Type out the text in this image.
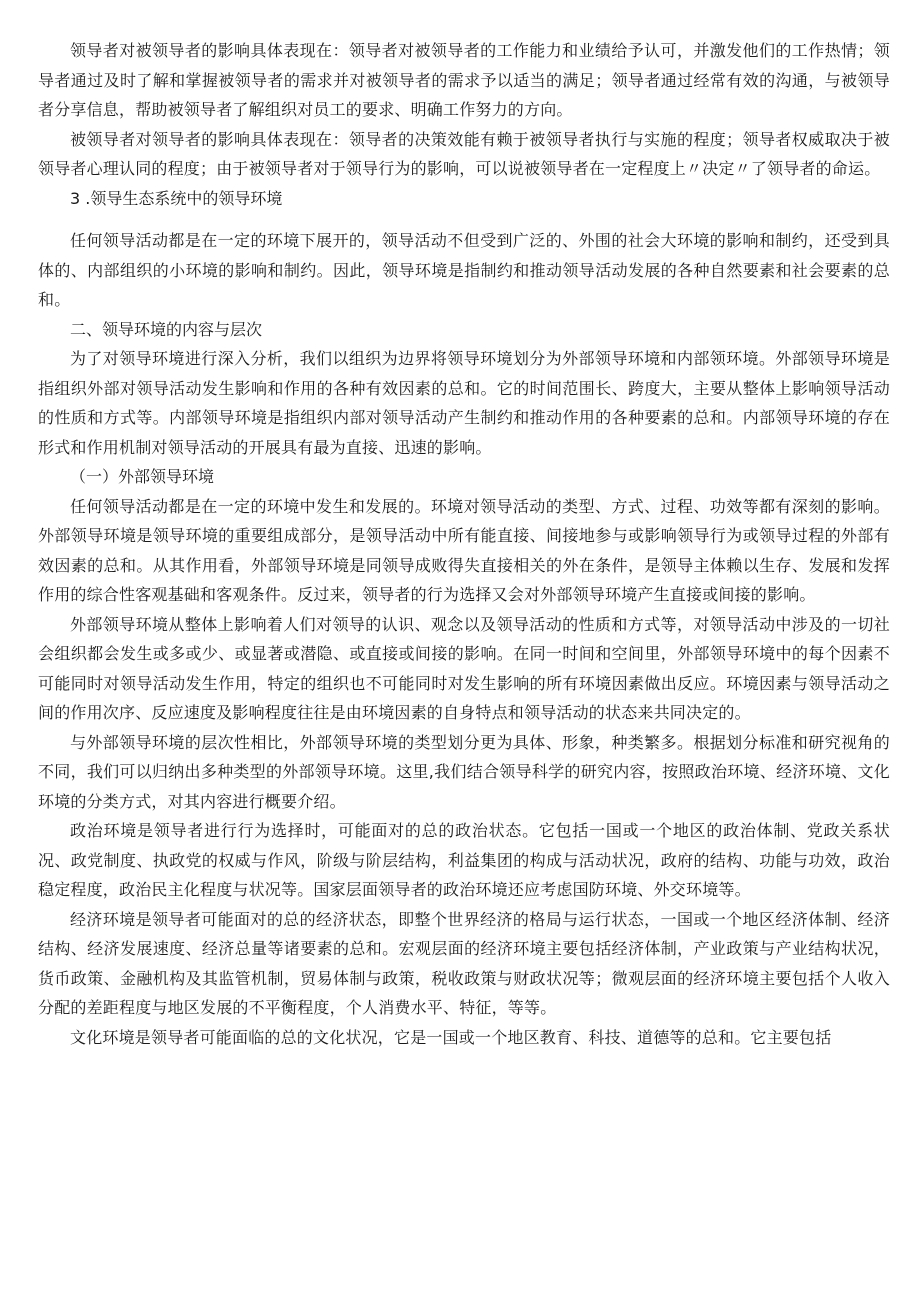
领导者对被领导者的影响具体表现在：领导者对被领导者的工作能力和业绩给予认可，并激发他们的工作热情；领导者通过及时了解和掌握被领导者的需求并对被领导者的需求予以适当的满足；领导者通过经常有效的沟通，与被领导者分享信息，帮助被领导者了解组织对员工的要求、明确工作努力的方向。

被领导者对领导者的影响具体表现在：领导者的决策效能有赖于被领导者执行与实施的程度；领导者权威取决于被领导者心理认同的程度；由于被领导者对于领导行为的影响，可以说被领导者在一定程度上〃决定〃了领导者的命运。

3 .领导生态系统中的领导环境

任何领导活动都是在一定的环境下展开的，领导活动不但受到广泛的、外围的社会大环境的影响和制约，还受到具体的、内部组织的小环境的影响和制约。因此，领导环境是指制约和推动领导活动发展的各种自然要素和社会要素的总和。

二、领导环境的内容与层次

为了对领导环境进行深入分析，我们以组织为边界将领导环境划分为外部领导环境和内部领环境。外部领导环境是指组织外部对领导活动发生影响和作用的各种有效因素的总和。它的时间范围长、跨度大，主要从整体上影响领导活动的性质和方式等。内部领导环境是指组织内部对领导活动产生制约和推动作用的各种要素的总和。内部领导环境的存在形式和作用机制对领导活动的开展具有最为直接、迅速的影响。

（一）外部领导环境

任何领导活动都是在一定的环境中发生和发展的。环境对领导活动的类型、方式、过程、功效等都有深刻的影响。外部领导环境是领导环境的重要组成部分，是领导活动中所有能直接、间接地参与或影响领导行为或领导过程的外部有效因素的总和。从其作用看，外部领导环境是同领导成败得失直接相关的外在条件，是领导主体赖以生存、发展和发挥作用的综合性客观基础和客观条件。反过来，领导者的行为选择又会对外部领导环境产生直接或间接的影响。

外部领导环境从整体上影响着人们对领导的认识、观念以及领导活动的性质和方式等，对领导活动中涉及的一切社会组织都会发生或多或少、或显著或潜隐、或直接或间接的影响。在同一时间和空间里，外部领导环境中的每个因素不可能同时对领导活动发生作用，特定的组织也不可能同时对发生影响的所有环境因素做出反应。环境因素与领导活动之间的作用次序、反应速度及影响程度往往是由环境因素的自身特点和领导活动的状态来共同决定的。

与外部领导环境的层次性相比，外部领导环境的类型划分更为具体、形象，种类繁多。根据划分标准和研究视角的不同，我们可以归纳出多种类型的外部领导环境。这里,我们结合领导科学的研究内容，按照政治环境、经济环境、文化环境的分类方式，对其内容进行概要介绍。

政治环境是领导者进行行为选择时，可能面对的总的政治状态。它包括一国或一个地区的政治体制、党政关系状况、政党制度、执政党的权威与作风，阶级与阶层结构，利益集团的构成与活动状况，政府的结构、功能与功效，政治稳定程度，政治民主化程度与状况等。国家层面领导者的政治环境还应考虑国防环境、外交环境等。

经济环境是领导者可能面对的总的经济状态，即整个世界经济的格局与运行状态，一国或一个地区经济体制、经济结构、经济发展速度、经济总量等诸要素的总和。宏观层面的经济环境主要包括经济体制，产业政策与产业结构状况，货币政策、金融机构及其监管机制，贸易体制与政策，税收政策与财政状况等；微观层面的经济环境主要包括个人收入分配的差距程度与地区发展的不平衡程度，个人消费水平、特征，等等。

文化环境是领导者可能面临的总的文化状况，它是一国或一个地区教育、科技、道德等的总和。它主要包括
